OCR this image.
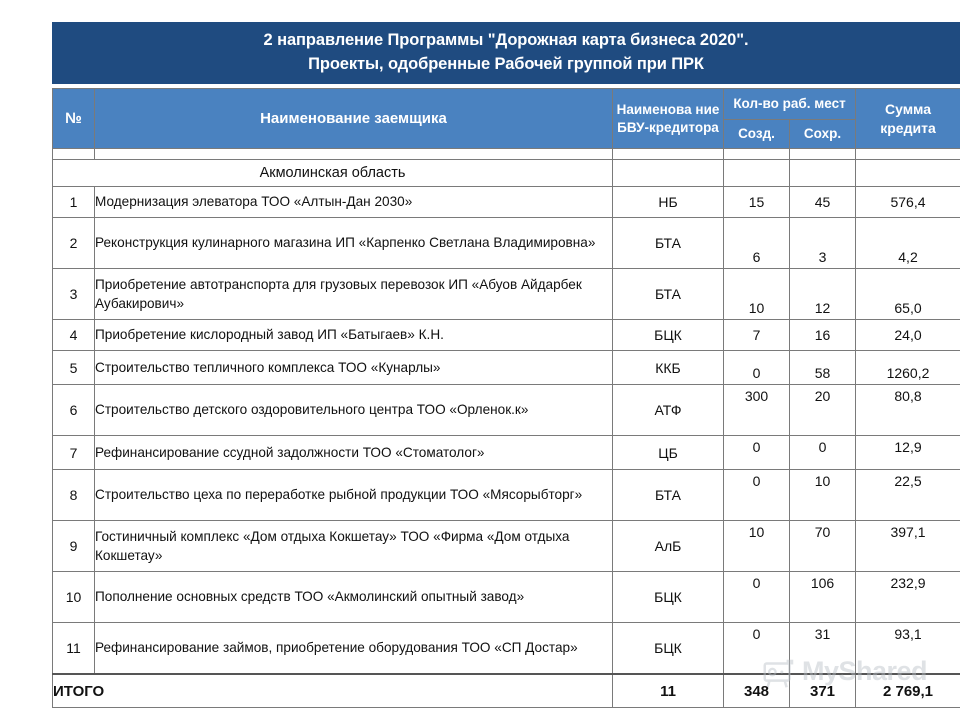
2 направление Программы "Дорожная карта бизнеса 2020".
Проекты, одобренные Рабочей группой при ПРК
№	Наименование заемщика	Наименова ние БВУ-кредитора	Кол-во раб. мест		Сумма кредита
			Созд.	Сохр.	

Акмолинская область					
1	Модернизация элеватора ТОО «Алтын-Дан 2030»	НБ	15	45	576,4
2	Реконструкция кулинарного магазина ИП «Карпенко Светлана Владимировна»	БТА	6	3	4,2
3	Приобретение автотранспорта для грузовых перевозок ИП «Абуов Айдарбек Аубакирович»	БТА	10	12	65,0
4	Приобретение кислородный завод ИП «Батыгаев» К.Н.	БЦК	7	16	24,0
5	Строительство тепличного комплекса ТОО «Кунарлы»	ККБ	0	58	1260,2
6	Строительство детского оздоровительного центра ТОО «Орленок.к»	АТФ	300	20	80,8
7	Рефинансирование ссудной задолжности ТОО «Стоматолог»	ЦБ	0	0	12,9
8	Строительство цеха по переработке рыбной продукции ТОО «Мясорыбторг»	БТА	0	10	22,5
9	Гостиничный комплекс «Дом отдыха Кокшетау» ТОО «Фирма «Дом отдыха Кокшетау»	АлБ	10	70	397,1
10	Пополнение основных средств ТОО «Акмолинский опытный завод»	БЦК	0	106	232,9
11	Рефинансирование займов, приобретение оборудования ТОО «СП Достар»	БЦК	0	31	93,1
ИТОГО		11	348	371	2 769,1
MyShared
